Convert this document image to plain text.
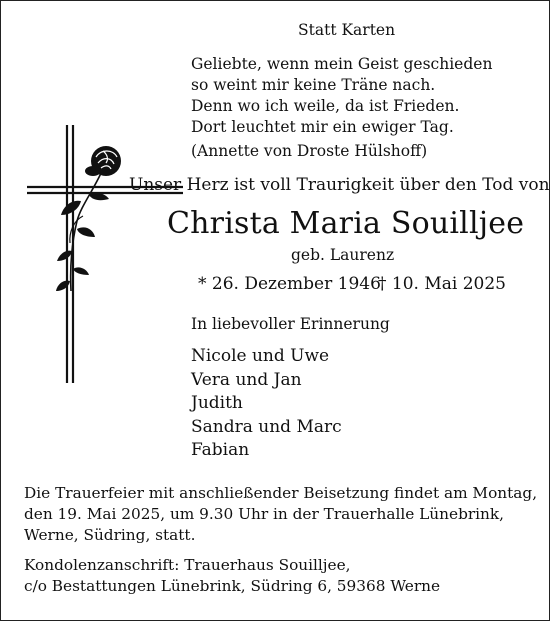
Statt Karten
Geliebte, wenn mein Geist geschieden
so weint mir keine Träne nach.
Denn wo ich weile, da ist Frieden.
Dort leuchtet mir ein ewiger Tag.
(Annette von Droste Hülshoff)
Unser Herz ist voll Traurigkeit über den Tod von
Christa Maria Souilljee
geb. Laurenz
* 26. Dezember 1946
† 10. Mai 2025
In liebevoller Erinnerung
Nicole und Uwe
Vera und Jan
Judith
Sandra und Marc
Fabian
Die Trauerfeier mit anschließender Beisetzung findet am Montag,
den 19. Mai 2025, um 9.30 Uhr in der Trauerhalle Lünebrink,
Werne, Südring, statt.
Kondolenzanschrift: Trauerhaus Souilljee,
c/o Bestattungen Lünebrink, Südring 6, 59368 Werne
